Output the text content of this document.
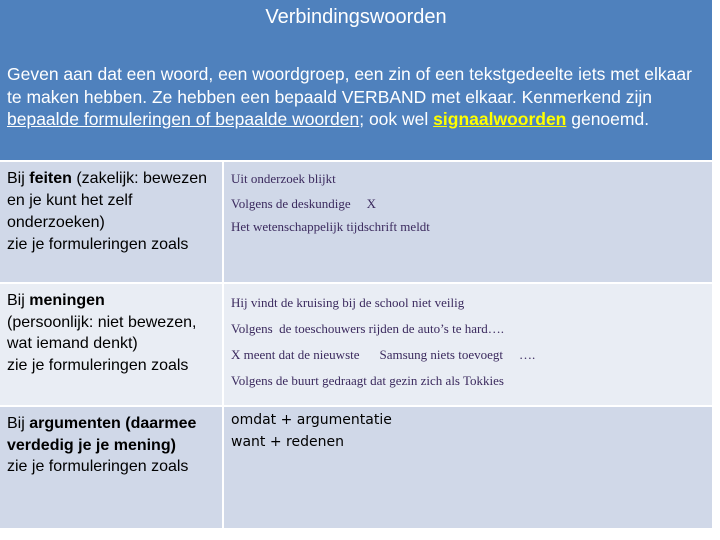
Verbindingswoorden
Geven aan dat een woord, een woordgroep, een zin of een tekstgedeelte iets met elkaar te maken hebben. Ze hebben een bepaald VERBAND met elkaar. Kenmerkend zijn bepaalde formuleringen of bepaalde woorden; ook wel signaalwoorden genoemd.
Bij feiten (zakelijk: bewezen en je kunt het zelf onderzoeken)
zie je formuleringen zoals
Uit onderzoek blijkt
Volgens de deskundige X
Het wetenschappelijk tijdschrift meldt
Bij meningen
(persoonlijk: niet bewezen, wat iemand denkt)
zie je formuleringen zoals
Hij vindt de kruising bij de school niet veilig
Volgens  de toeschouwers rijden de auto’s te hard….
X meent dat de nieuwste Samsung niets toevoegt ….
Volgens de buurt gedraagt dat gezin zich als Tokkies
Bij argumenten (daarmee verdedig je je mening)
zie je formuleringen zoals
omdat + argumentatie
want + redenen
